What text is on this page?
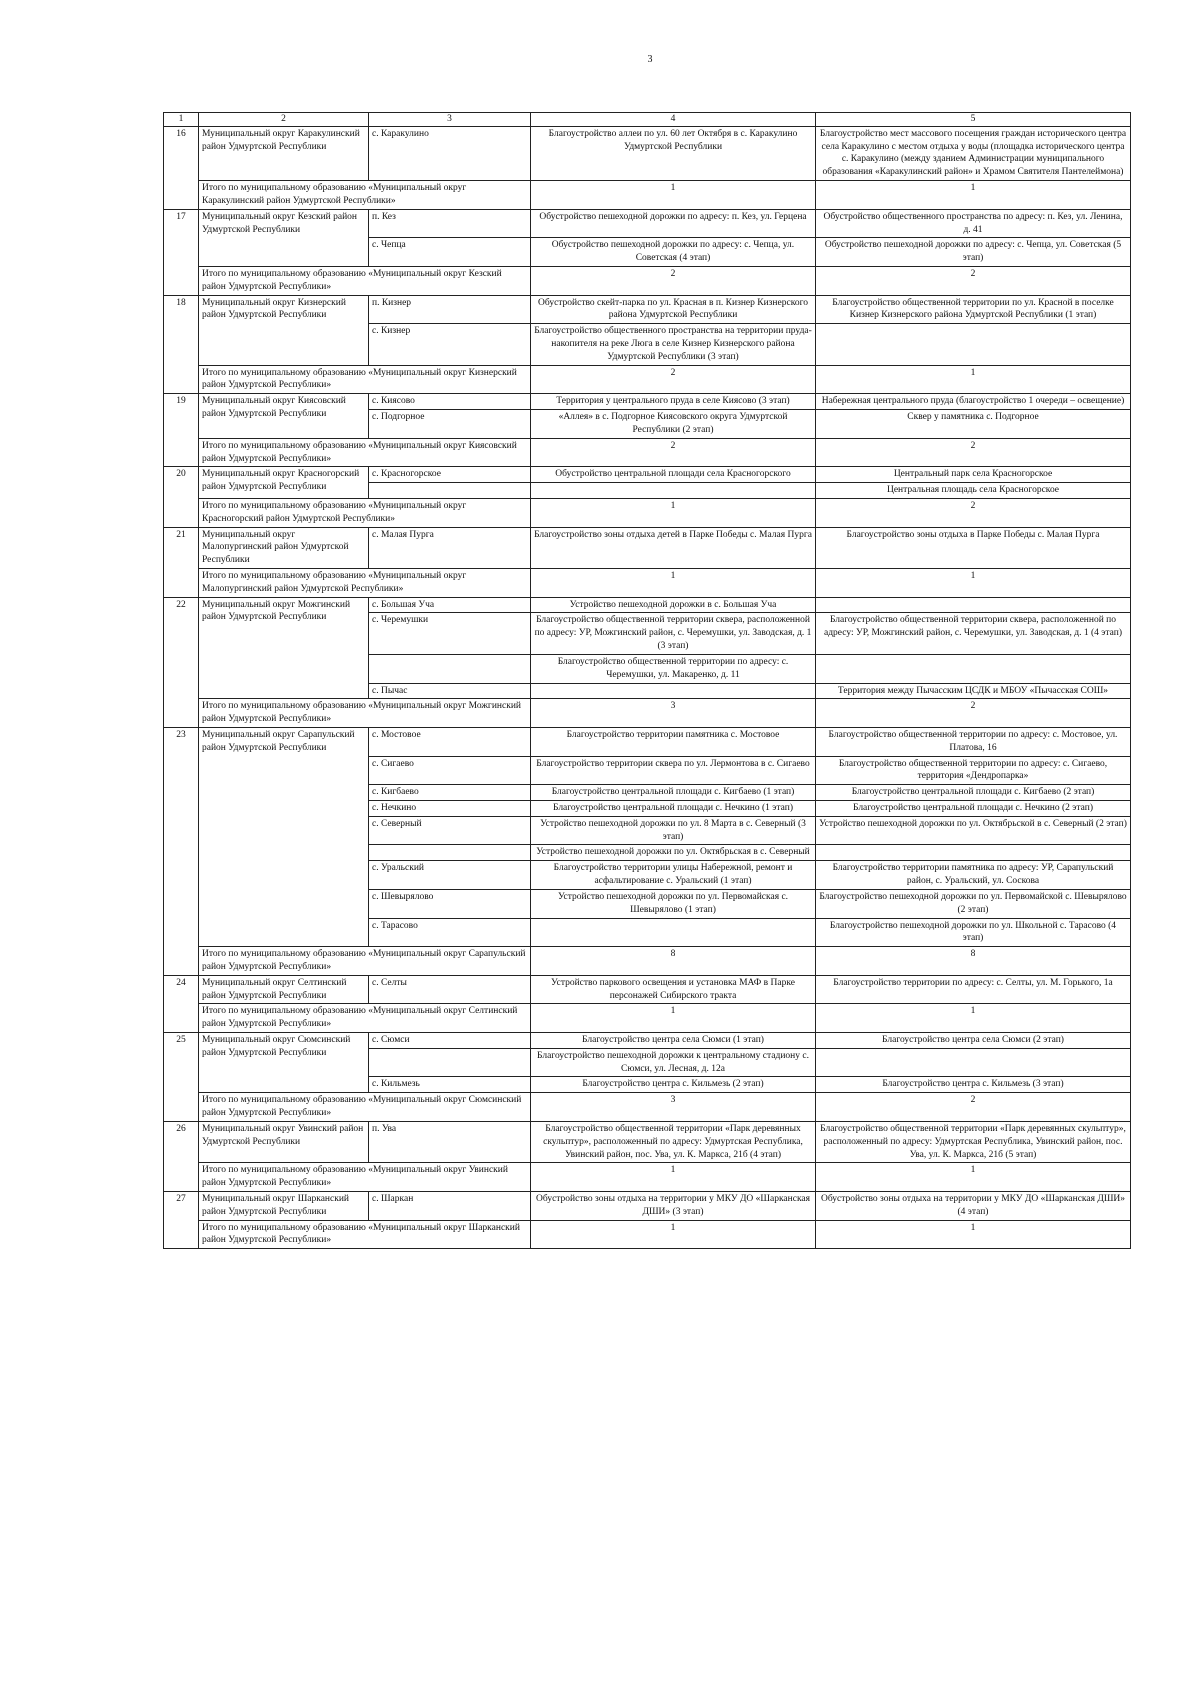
3
1	2	3	4	5
16	Муниципальный округ Каракулинский район Удмуртской Республики	с. Каракулино	Благоустройство аллеи по ул. 60 лет Октября в с. Каракулино Удмуртской Республики	Благоустройство мест массового посещения граждан исторического центра села Каракулино с местом отдыха у воды (площадка исторического центра с. Каракулино (между зданием Администрации муниципального образования «Каракулинский район» и Храмом Святителя Пантелеймона)
	Итого по муниципальному образованию «Муниципальный округ Каракулинский район Удмуртской Республики»		1	1
17	Муниципальный округ Кезский район Удмуртской Республики	п. Кез	Обустройство пешеходной дорожки по адресу: п. Кез, ул. Герцена	Обустройство общественного пространства по адресу: п. Кез, ул. Ленина, д. 41
		с. Чепца	Обустройство пешеходной дорожки по адресу: с. Чепца, ул. Советская (4 этап)	Обустройство пешеходной дорожки по адресу: с. Чепца, ул. Советская (5 этап)
	Итого по муниципальному образованию «Муниципальный округ Кезский район Удмуртской Республики»		2	2
18	Муниципальный округ Кизнерский район Удмуртской Республики	п. Кизнер	Обустройство скейт-парка по ул. Красная в п. Кизнер Кизнерского района Удмуртской Республики	Благоустройство общественной территории по ул. Красной в поселке Кизнер Кизнерского района Удмуртской Республики (1 этап)
		с. Кизнер	Благоустройство общественного пространства на территории пруда-накопителя на реке Люга в селе Кизнер Кизнерского района Удмуртской Республики (3 этап)	
	Итого по муниципальному образованию «Муниципальный округ Кизнерский район Удмуртской Республики»		2	1
19	Муниципальный округ Киясовский район Удмуртской Республики	с. Киясово	Территория у центрального пруда в селе Киясово (3 этап)	Набережная центрального пруда (благоустройство 1 очереди – освещение)
		с. Подгорное	«Аллея» в с. Подгорное Киясовского округа Удмуртской Республики (2 этап)	Сквер у памятника с. Подгорное
	Итого по муниципальному образованию «Муниципальный округ Киясовский район Удмуртской Республики»		2	2
20	Муниципальный округ Красногорский район Удмуртской Республики	с. Красногорское	Обустройство центральной площади села Красногорского	Центральный парк села Красногорское
				Центральная площадь села Красногорское
	Итого по муниципальному образованию «Муниципальный округ Красногорский район Удмуртской Республики»		1	2
21	Муниципальный округ Малопургинский район Удмуртской Республики	с. Малая Пурга	Благоустройство зоны отдыха детей в Парке Победы с. Малая Пурга	Благоустройство зоны отдыха в Парке Победы с. Малая Пурга
	Итого по муниципальному образованию «Муниципальный округ Малопургинский район Удмуртской Республики»		1	1
22	Муниципальный округ Можгинский район Удмуртской Республики	с. Большая Уча	Устройство пешеходной дорожки в с. Большая Уча	
		с. Черемушки	Благоустройство общественной территории сквера, расположенной по адресу: УР, Можгинский район, с. Черемушки, ул. Заводская, д. 1 (3 этап)	Благоустройство общественной территории сквера, расположенной по адресу: УР, Можгинский район, с. Черемушки, ул. Заводская, д. 1 (4 этап)
			Благоустройство общественной территории по адресу: с. Черемушки, ул. Макаренко, д. 11	
		с. Пычас		Территория между Пычасским ЦСДК и МБОУ «Пычасская СОШ»
	Итого по муниципальному образованию «Муниципальный округ Можгинский район Удмуртской Республики»		3	2
23	Муниципальный округ Сарапульский район Удмуртской Республики	с. Мостовое	Благоустройство территории памятника с. Мостовое	Благоустройство общественной территории по адресу: с. Мостовое, ул. Платова, 16
		с. Сигаево	Благоустройство территории сквера по ул. Лермонтова в с. Сигаево	Благоустройство общественной территории по адресу: с. Сигаево, территория «Дендропарка»
		с. Кигбаево	Благоустройство центральной площади с. Кигбаево (1 этап)	Благоустройство центральной площади с. Кигбаево (2 этап)
		с. Нечкино	Благоустройство центральной площади с. Нечкино (1 этап)	Благоустройство центральной площади с. Нечкино (2 этап)
		с. Северный	Устройство пешеходной дорожки по ул. 8 Марта в с. Северный (3 этап)	Устройство пешеходной дорожки по ул. Октябрьской в с. Северный (2 этап)
			Устройство пешеходной дорожки по ул. Октябрьская в с. Северный	
		с. Уральский	Благоустройство территории улицы Набережной, ремонт и асфальтирование с. Уральский (1 этап)	Благоустройство территории памятника по адресу: УР, Сарапульский район, с. Уральский, ул. Соскова
		с. Шевырялово	Устройство пешеходной дорожки по ул. Первомайская с. Шевырялово (1 этап)	Благоустройство пешеходной дорожки по ул. Первомайской с. Шевырялово (2 этап)
		с. Тарасово		Благоустройство пешеходной дорожки по ул. Школьной с. Тарасово (4 этап)
	Итого по муниципальному образованию «Муниципальный округ Сарапульский район Удмуртской Республики»		8	8
24	Муниципальный округ Селтинский район Удмуртской Республики	с. Селты	Устройство паркового освещения и установка МАФ в Парке персонажей Сибирского тракта	Благоустройство территории по адресу: с. Селты, ул. М. Горького, 1а
	Итого по муниципальному образованию «Муниципальный округ Селтинский район Удмуртской Республики»		1	1
25	Муниципальный округ Сюмсинский район Удмуртской Республики	с. Сюмси	Благоустройство центра села Сюмси (1 этап)	Благоустройство центра села Сюмси (2 этап)
			Благоустройство пешеходной дорожки к центральному стадиону с. Сюмси, ул. Лесная, д. 12а	
		с. Кильмезь	Благоустройство центра с. Кильмезь (2 этап)	Благоустройство центра с. Кильмезь (3 этап)
	Итого по муниципальному образованию «Муниципальный округ Сюмсинский район Удмуртской Республики»		3	2
26	Муниципальный округ Увинский район Удмуртской Республики	п. Ува	Благоустройство общественной территории «Парк деревянных скульптур», расположенный по адресу: Удмуртская Республика, Увинский район, пос. Ува, ул. К. Маркса, 21б (4 этап)	Благоустройство общественной территории «Парк деревянных скульптур», расположенный по адресу: Удмуртская Республика, Увинский район, пос. Ува, ул. К. Маркса, 21б (5 этап)
	Итого по муниципальному образованию «Муниципальный округ Увинский район Удмуртской Республики»		1	1
27	Муниципальный округ Шарканский район Удмуртской Республики	с. Шаркан	Обустройство зоны отдыха на территории у МКУ ДО «Шарканская ДШИ» (3 этап)	Обустройство зоны отдыха на территории у МКУ ДО «Шарканская ДШИ» (4 этап)
	Итого по муниципальному образованию «Муниципальный округ Шарканский район Удмуртской Республики»		1	1
